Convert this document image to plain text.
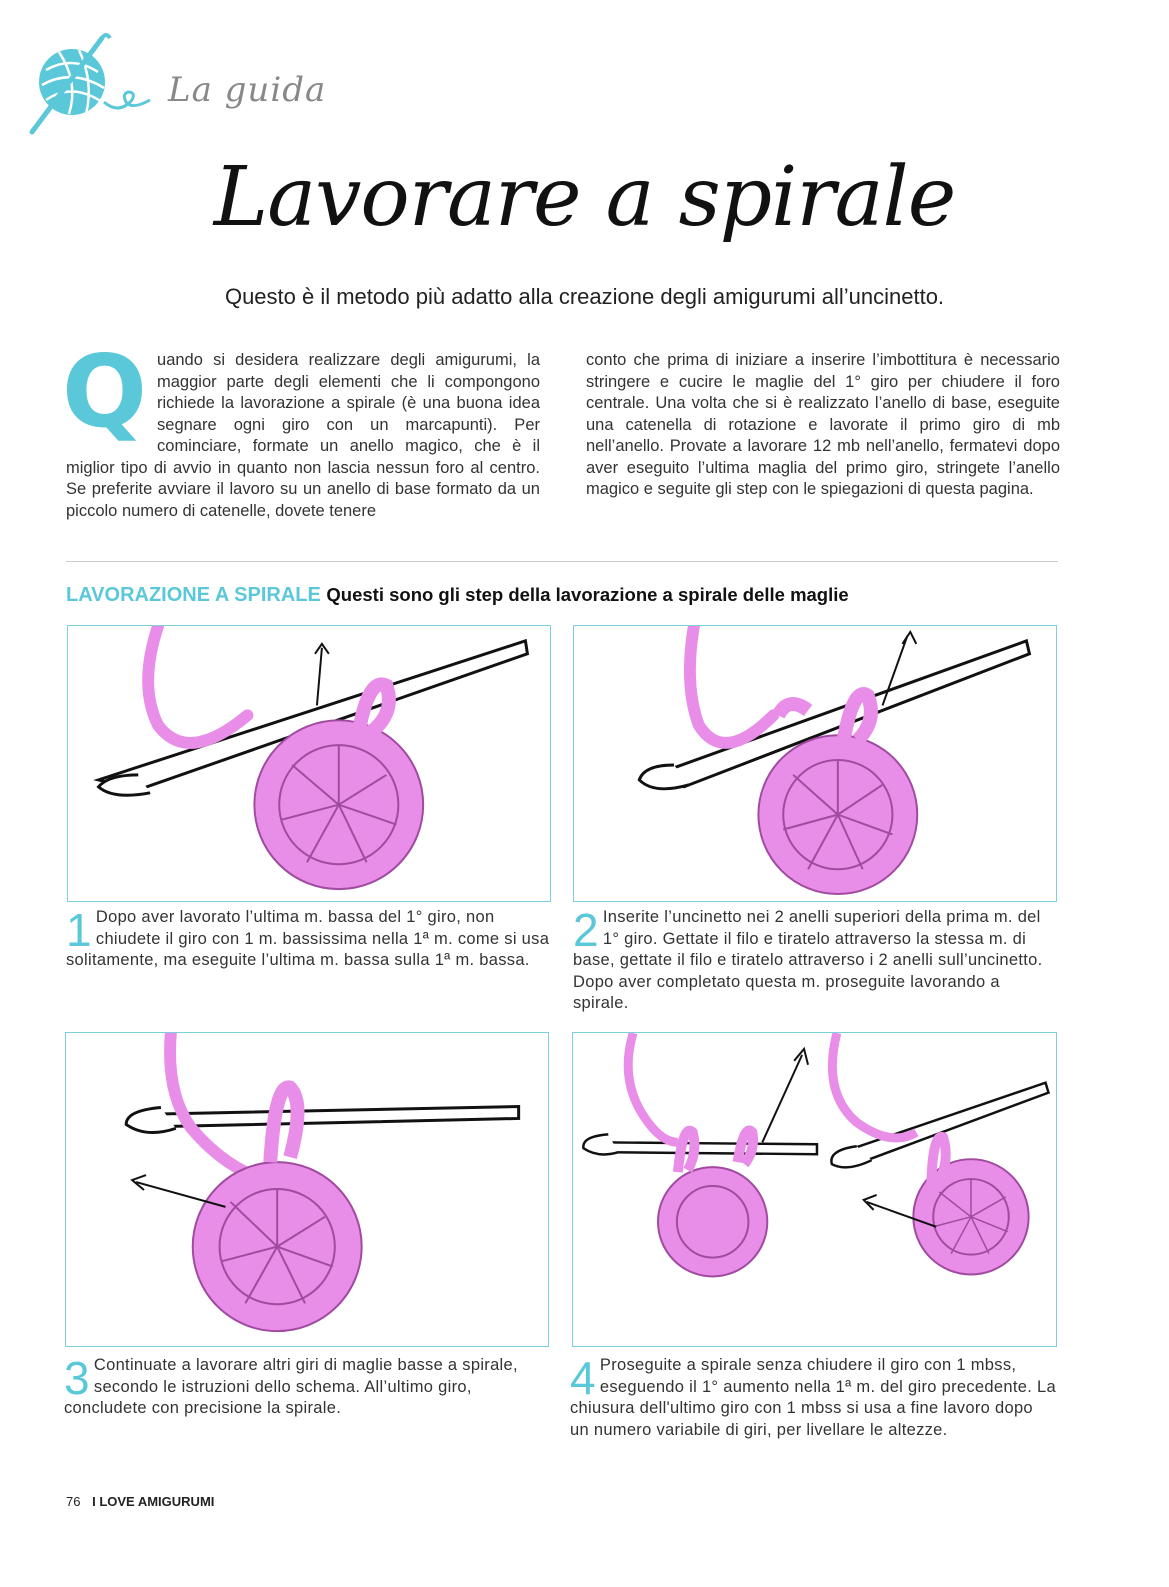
La guida
Lavorare a spirale
Questo è il metodo più adatto alla creazione degli amigurumi all’uncinetto.
Q uando si desidera realizzare degli amigurumi, la maggior parte degli elementi che li compongono richiede la lavorazione a spirale (è una buona idea segnare ogni giro con un marcapunti). Per cominciare, formate un anello magico, che è il miglior tipo di avvio in quanto non lascia nessun foro al centro. Se preferite avviare il lavoro su un anello di base formato da un piccolo numero di catenelle, dovete tenere
conto che prima di iniziare a inserire l’imbottitura è necessario stringere e cucire le maglie del 1° giro per chiudere il foro centrale. Una volta che si è realizzato l’anello di base, eseguite una catenella di rotazione e lavorate il primo giro di mb nell’anello. Provate a lavorare 12 mb nell’anello, fermatevi dopo aver eseguito l’ultima maglia del primo giro, stringete l’anello magico e seguite gli step con le spiegazioni di questa pagina.
LAVORAZIONE A SPIRALE Questi sono gli step della lavorazione a spirale delle maglie
1 Dopo aver lavorato l’ultima m. bassa del 1° giro, non chiudete il giro con 1 m. bassissima nella 1ª m. come si usa solitamente, ma eseguite l’ultima m. bassa sulla 1ª m. bassa.
2 Inserite l’uncinetto nei 2 anelli superiori della prima m. del 1° giro. Gettate il filo e tiratelo attraverso la stessa m. di base, gettate il filo e tiratelo attraverso i 2 anelli sull’uncinetto. Dopo aver completato questa m. proseguite lavorando a spirale.
3 Continuate a lavorare altri giri di maglie basse a spirale, secondo le istruzioni dello schema. All’ultimo giro, concludete con precisione la spirale.
4 Proseguite a spirale senza chiudere il giro con 1 mbss, eseguendo il 1° aumento nella 1ª m. del giro precedente. La chiusura dell'ultimo giro con 1 mbss si usa a fine lavoro dopo un numero variabile di giri, per livellare le altezze.
76 I LOVE AMIGURUMI
